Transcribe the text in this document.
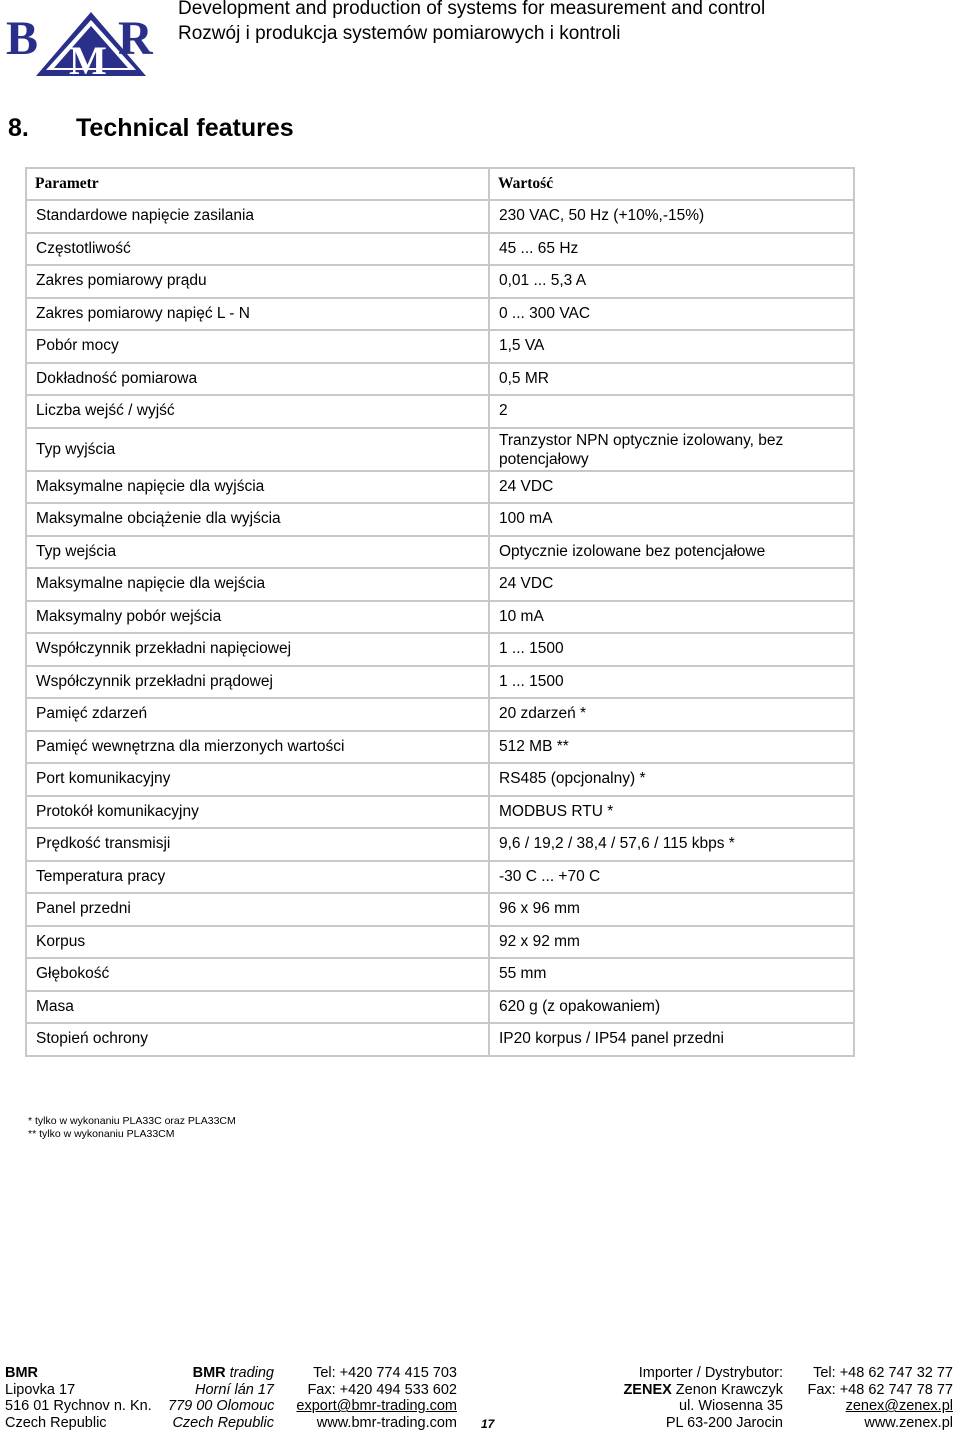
B M R
Development and production of systems for measurement and control
Rozwój i produkcja systemów pomiarowych i kontroli
8. Technical features
Parametr	Wartość
Standardowe napięcie zasilania	230 VAC, 50 Hz (+10%,-15%)
Częstotliwość	45 ... 65 Hz
Zakres pomiarowy prądu	0,01 ... 5,3 A
Zakres pomiarowy napięć L - N	0 ... 300 VAC
Pobór mocy	1,5 VA
Dokładność pomiarowa	0,5 MR
Liczba wejść / wyjść	2
Typ wyjścia	Tranzystor NPN optycznie izolowany, bez potencjałowy
Maksymalne napięcie dla wyjścia	24 VDC
Maksymalne obciążenie dla wyjścia	100 mA
Typ wejścia	Optycznie izolowane bez potencjałowe
Maksymalne napięcie dla wejścia	24 VDC
Maksymalny pobór wejścia	10 mA
Współczynnik przekładni napięciowej	1 ... 1500
Współczynnik przekładni prądowej	1 ... 1500
Pamięć zdarzeń	20 zdarzeń *
Pamięć wewnętrzna dla mierzonych wartości	512 MB **
Port komunikacyjny	RS485 (opcjonalny) *
Protokół komunikacyjny	MODBUS RTU *
Prędkość transmisji	9,6 / 19,2 / 38,4 / 57,6 / 115 kbps *
Temperatura pracy	-30 C ... +70 C
Panel przedni	96 x 96 mm
Korpus	92 x 92 mm
Głębokość	55 mm
Masa	620 g (z opakowaniem)
Stopień ochrony	IP20 korpus / IP54 panel przedni
* tylko w wykonaniu PLA33C oraz PLA33CM
** tylko w wykonaniu PLA33CM
BMR
Lipovka 17
516 01 Rychnov n. Kn.
Czech Republic
BMR trading
Horní lán 17
779 00 Olomouc
Czech Republic
Tel: +420 774 415 703
Fax: +420 494 533 602
export@bmr-trading.com
www.bmr-trading.com
Importer / Dystrybutor:
ZENEX Zenon Krawczyk
ul. Wiosenna 35
PL 63-200 Jarocin
Tel: +48 62 747 32 77
Fax: +48 62 747 78 77
zenex@zenex.pl
www.zenex.pl
17
